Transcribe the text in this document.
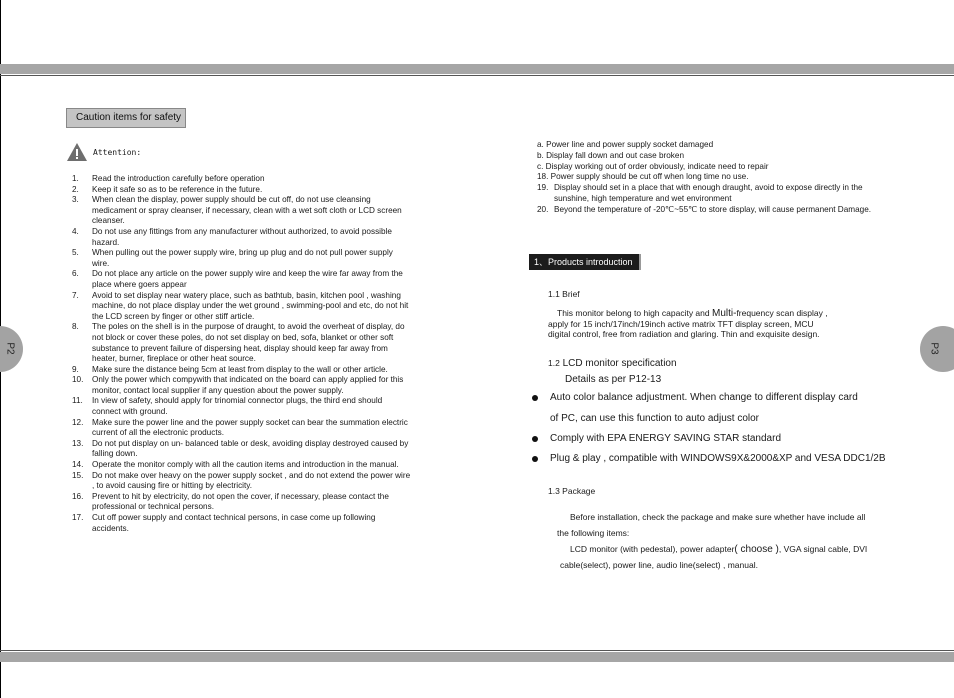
P2	P3
Caution items for safety
Attention:
1. Read the introduction carefully before operation
2. Keep it safe so as to be reference in the future.
3. When clean the display, power supply should be cut off, do not use cleansing medicament or spray cleanser, if necessary, clean with a wet soft cloth or LCD screen cleanser.
4. Do not use any fittings from any manufacturer without authorized, to avoid possible hazard.
5. When pulling out the power supply wire, bring up plug and do not pull power supply wire.
6. Do not place any article on the power supply wire and keep the wire far away from the place where goers appear
7. Avoid to set display near watery place, such as bathtub, basin, kitchen pool , washing machine, do not place display under the wet ground , swimming-pool and etc, do not hit the LCD screen by finger or other stiff article.
8. The poles on the shell is in the purpose of draught, to avoid the overheat of display, do not block or cover these poles, do not set display on bed, sofa, blanket or other soft substance to prevent failure of dispersing heat, display should keep far away from heater, burner, fireplace or other heat source.
9. Make sure the distance being 5cm at least from display to the wall or other article.
10. Only the power which compywith that indicated on the board can apply applied for this monitor, contact local supplier if any question about the power supply.
11. In view of safety, should apply for trinomial connector plugs, the third end should connect with ground.
12. Make sure the power line and the power supply socket can bear the summation electric current of all the electronic products.
13. Do not put display on un- balanced table or desk, avoiding display destroyed caused by falling down.
14. Operate the monitor comply with all the caution items and introduction in the manual.
15. Do not make over heavy on the power supply socket , and do not extend the power wire , to avoid causing fire or hitting by electricity.
16. Prevent to hit by electricity, do not open the cover, if necessary, please contact the professional or technical persons.
17. Cut off power supply and contact technical persons, in case come up following accidents.
a. Power line and power supply socket damaged
b. Display fall down and out case broken
c. Display working out of order obviously, indicate need to repair
18. Power supply should be cut off when long time no use.
19. Display should set in a place that with enough draught, avoid to expose directly in the sunshine, high temperature and wet environment
20. Beyond the temperature of -20℃~55℃ to store display, will cause permanent Damage.
1、Products introduction
1.1 Brief
This monitor belong to high capacity and Multi-frequency scan display ,
apply for 15 inch/17inch/19inch active matrix TFT display screen, MCU
digital control, free from radiation and glaring. Thin and exquisite design.
1.2 LCD monitor specification
Details as per P12-13
Auto color balance adjustment. When change to different display card
of PC, can use this function to auto adjust color
Comply with EPA ENERGY SAVING STAR standard
Plug & play , compatible with WINDOWS9X&2000&XP and VESA DDC1/2B
1.3 Package
Before installation, check the package and make sure whether have include all
the following items:
LCD monitor (with pedestal), power adapter( choose ), VGA signal cable, DVI
cable(select), power line, audio line(select) , manual.
